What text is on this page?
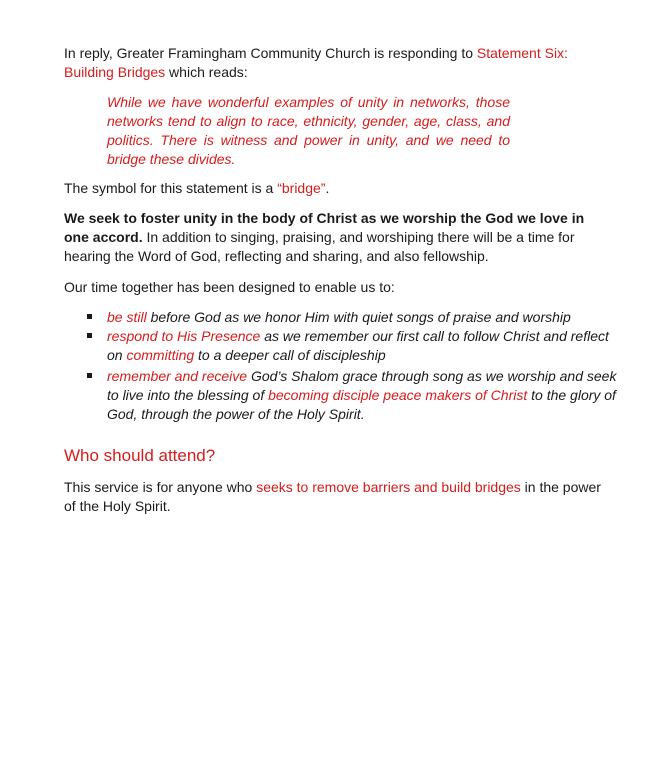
In reply, Greater Framingham Community Church is responding to Statement Six: Building Bridges which reads:

While we have wonderful examples of unity in networks, those networks tend to align to race, ethnicity, gender, age, class, and politics. There is witness and power in unity, and we need to bridge these divides.

The symbol for this statement is a “bridge”.

We seek to foster unity in the body of Christ as we worship the God we love in one accord. In addition to singing, praising, and worshiping there will be a time for hearing the Word of God, reflecting and sharing, and also fellowship.

Our time together has been designed to enable us to:

be still before God as we honor Him with quiet songs of praise and worship
respond to His Presence as we remember our first call to follow Christ and reflect on committing to a deeper call of discipleship
remember and receive God’s Shalom grace through song as we worship and seek to live into the blessing of becoming disciple peace makers of Christ to the glory of God, through the power of the Holy Spirit.
Who should attend?

This service is for anyone who seeks to remove barriers and build bridges in the power of the Holy Spirit.
